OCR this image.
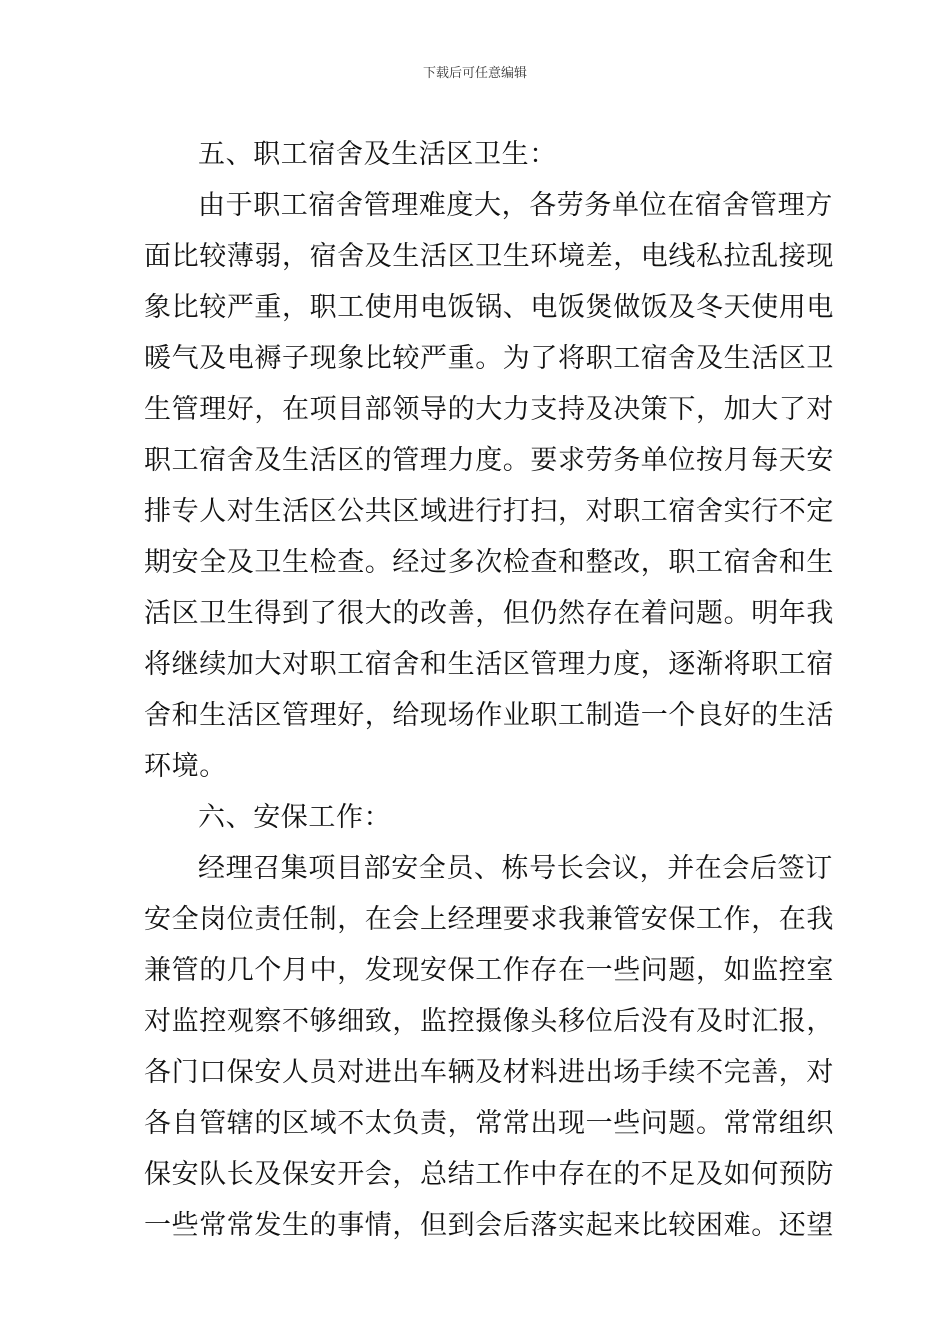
下载后可任意编辑
五、职工宿舍及生活区卫生：
由于职工宿舍管理难度大，各劳务单位在宿舍管理方
面比较薄弱，宿舍及生活区卫生环境差，电线私拉乱接现
象比较严重，职工使用电饭锅、电饭煲做饭及冬天使用电
暖气及电褥子现象比较严重。为了将职工宿舍及生活区卫
生管理好，在项目部领导的大力支持及决策下，加大了对
职工宿舍及生活区的管理力度。要求劳务单位按月每天安
排专人对生活区公共区域进行打扫，对职工宿舍实行不定
期安全及卫生检查。经过多次检查和整改，职工宿舍和生
活区卫生得到了很大的改善，但仍然存在着问题。明年我
将继续加大对职工宿舍和生活区管理力度，逐渐将职工宿
舍和生活区管理好，给现场作业职工制造一个良好的生活
环境。
六、安保工作：
经理召集项目部安全员、栋号长会议，并在会后签订
安全岗位责任制，在会上经理要求我兼管安保工作，在我
兼管的几个月中，发现安保工作存在一些问题，如监控室
对监控观察不够细致，监控摄像头移位后没有及时汇报，
各门口保安人员对进出车辆及材料进出场手续不完善，对
各自管辖的区域不太负责，常常出现一些问题。常常组织
保安队长及保安开会，总结工作中存在的不足及如何预防
一些常常发生的事情，但到会后落实起来比较困难。还望
